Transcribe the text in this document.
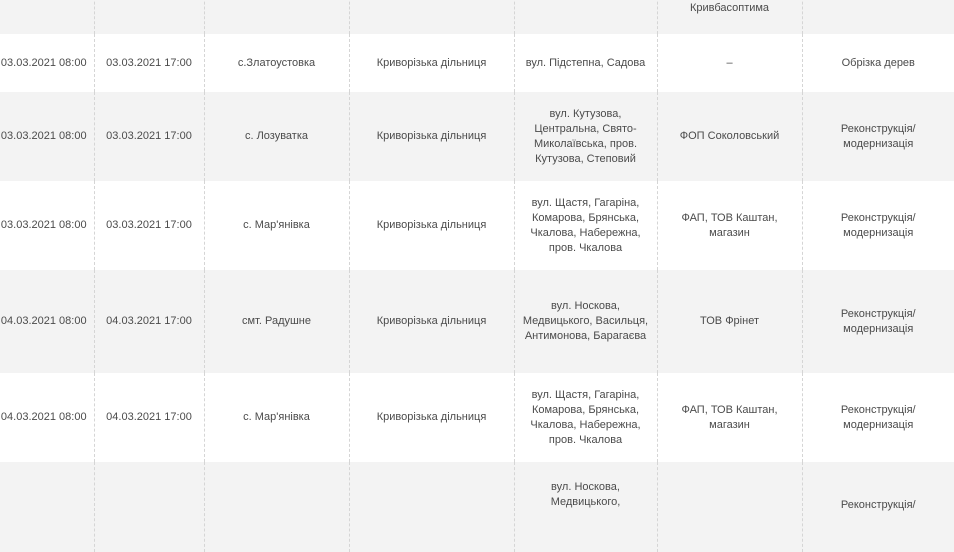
					Кривбасоптима	
03.03.2021 08:00	03.03.2021 17:00	с.Златоустовка	Криворізька дільниця	вул. Підстепна, Садова	–	Обрізка дерев
03.03.2021 08:00	03.03.2021 17:00	с. Лозуватка	Криворізька дільниця	вул. Кутузова, Центральна, Свято-Миколаївська, пров. Кутузова, Степовий	ФОП Соколовський	Реконструкція/ модернизація
03.03.2021 08:00	03.03.2021 17:00	с. Мар'янівка	Криворізька дільниця	вул. Щастя, Гагаріна, Комарова, Брянська, Чкалова, Набережна, пров. Чкалова	ФАП, ТОВ Каштан, магазин	Реконструкція/ модернизація
04.03.2021 08:00	04.03.2021 17:00	смт. Радушне	Криворізька дільниця	вул. Носкова, Медвицького, Васильця, Антимонова, Барагаєва	ТОВ Фрінет	Реконструкція/ модернизація
04.03.2021 08:00	04.03.2021 17:00	с. Мар'янівка	Криворізька дільниця	вул. Щастя, Гагаріна, Комарова, Брянська, Чкалова, Набережна, пров. Чкалова	ФАП, ТОВ Каштан, магазин	Реконструкція/ модернизація
				вул. Носкова, Медвицького,		Реконструкція/
